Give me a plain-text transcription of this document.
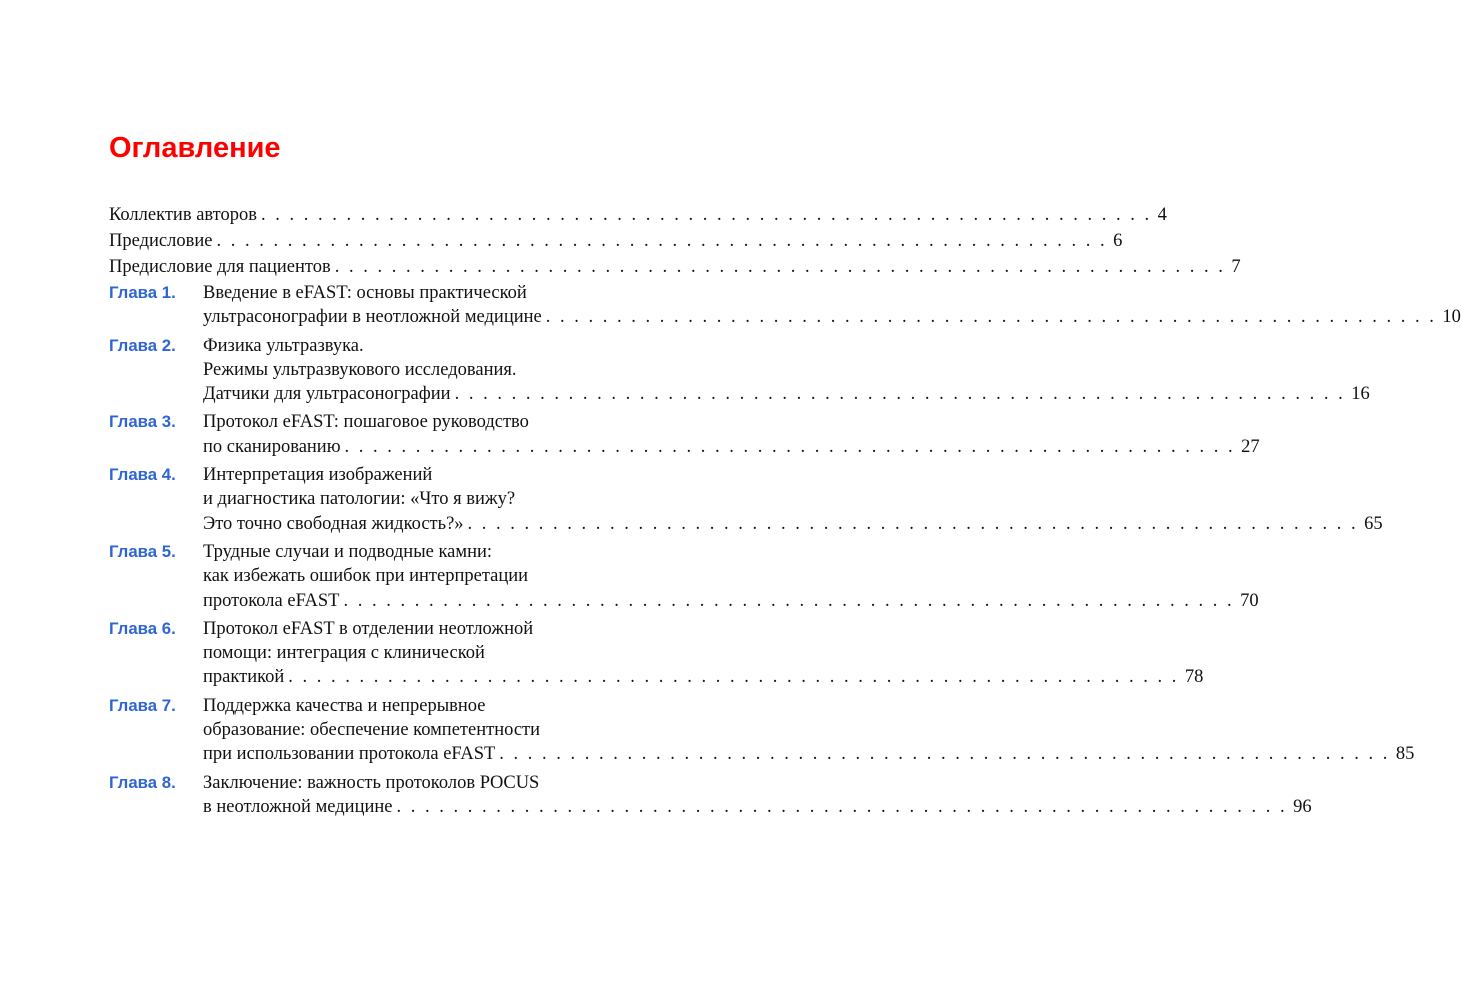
Оглавление
Коллектив авторов . . . . . . . . . . . . . . . . . . . . . . . . . . . . . . . . . . . . . . . . . . . . . . . . . . . . . . . . . . . . . . . 4
Предисловие . . . . . . . . . . . . . . . . . . . . . . . . . . . . . . . . . . . . . . . . . . . . . . . . . . . . . . . . . . . . . . . 6
Предисловие для пациентов . . . . . . . . . . . . . . . . . . . . . . . . . . . . . . . . . . . . . . . . . . . . . . . . . . . . . . . . . . . . . . . 7
Глава 1.	Введение в eFAST: основы практической
ультрасонографии в неотложной медицине . . . . . . . . . . . . . . . . . . . . . . . . . . . . . . . . . . . . . . . . . . . . . . . . . . . . . . . . . . . . . . . 10
Глава 2.	Физика ультразвука.
Режимы ультразвукового исследования.
Датчики для ультрасонографии . . . . . . . . . . . . . . . . . . . . . . . . . . . . . . . . . . . . . . . . . . . . . . . . . . . . . . . . . . . . . . . 16
Глава 3.	Протокол eFAST: пошаговое руководство
по сканированию . . . . . . . . . . . . . . . . . . . . . . . . . . . . . . . . . . . . . . . . . . . . . . . . . . . . . . . . . . . . . . . 27
Глава 4.	Интерпретация изображений
и диагностика патологии: «Что я вижу?
Это точно свободная жидкость?» . . . . . . . . . . . . . . . . . . . . . . . . . . . . . . . . . . . . . . . . . . . . . . . . . . . . . . . . . . . . . . . 65
Глава 5.	Трудные случаи и подводные камни:
как избежать ошибок при интерпретации
протокола eFAST . . . . . . . . . . . . . . . . . . . . . . . . . . . . . . . . . . . . . . . . . . . . . . . . . . . . . . . . . . . . . . . 70
Глава 6.	Протокол eFAST в отделении неотложной
помощи: интеграция с клинической
практикой . . . . . . . . . . . . . . . . . . . . . . . . . . . . . . . . . . . . . . . . . . . . . . . . . . . . . . . . . . . . . . . 78
Глава 7.	Поддержка качества и непрерывное
образование: обеспечение компетентности
при использовании протокола eFAST . . . . . . . . . . . . . . . . . . . . . . . . . . . . . . . . . . . . . . . . . . . . . . . . . . . . . . . . . . . . . . . 85
Глава 8.	Заключение: важность протоколов POCUS
в неотложной медицине . . . . . . . . . . . . . . . . . . . . . . . . . . . . . . . . . . . . . . . . . . . . . . . . . . . . . . . . . . . . . . . 96
